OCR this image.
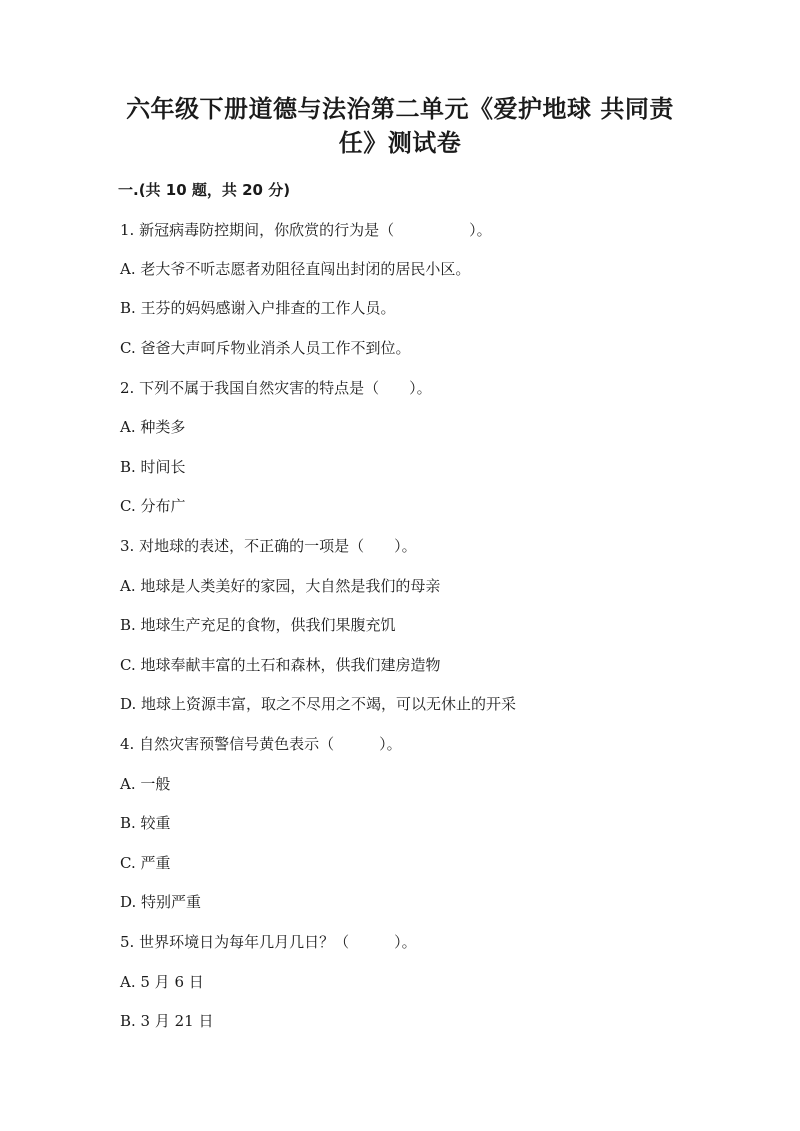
六年级下册道德与法治第二单元《爱护地球 共同责
任》测试卷

一.(共 10 题，共 20 分)

1. 新冠病毒防控期间，你欣赏的行为是（　　　　　）。

A. 老大爷不听志愿者劝阻径直闯出封闭的居民小区。

B. 王芬的妈妈感谢入户排查的工作人员。

C. 爸爸大声呵斥物业消杀人员工作不到位。

2. 下列不属于我国自然灾害的特点是（　　）。

A. 种类多

B. 时间长

C. 分布广

3. 对地球的表述，不正确的一项是（　　）。

A. 地球是人类美好的家园，大自然是我们的母亲

B. 地球生产充足的食物，供我们果腹充饥

C. 地球奉献丰富的土石和森林，供我们建房造物

D. 地球上资源丰富，取之不尽用之不竭，可以无休止的开采

4. 自然灾害预警信号黄色表示（　　　）。

A. 一般

B. 较重

C. 严重

D. 特别严重

5. 世界环境日为每年几月几日？（　　　）。

A. 5 月 6 日

B. 3 月 21 日
